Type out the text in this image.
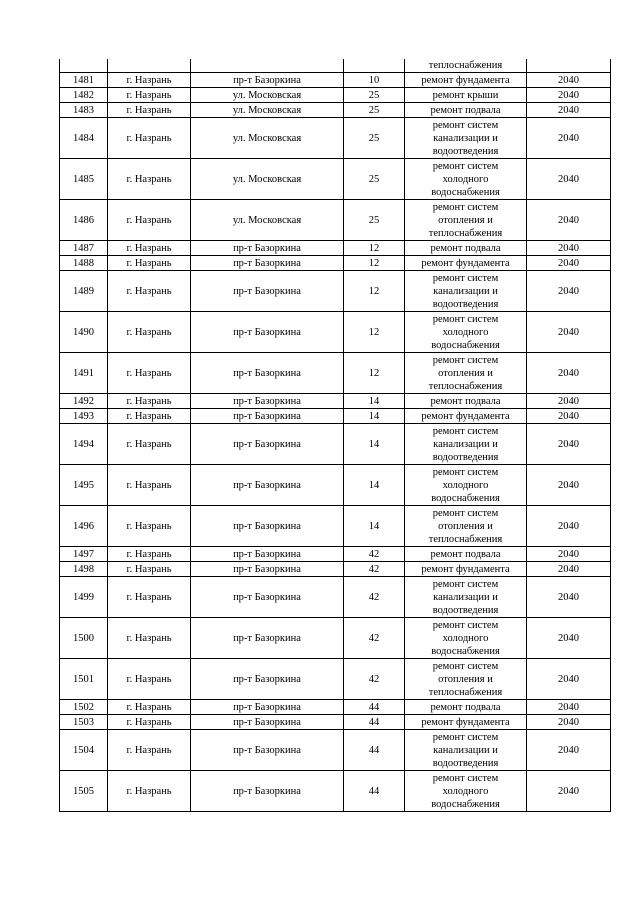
				теплоснабжения	

1481	г. Назрань	пр-т Базоркина	10	ремонт фундамента	2040
1482	г. Назрань	ул. Московская	25	ремонт крыши	2040
1483	г. Назрань	ул. Московская	25	ремонт подвала	2040
1484	г. Назрань	ул. Московская	25	ремонт систем
канализации и
водоотведения	2040
1485	г. Назрань	ул. Московская	25	ремонт систем
холодного
водоснабжения	2040
1486	г. Назрань	ул. Московская	25	ремонт систем
отопления и
теплоснабжения	2040
1487	г. Назрань	пр-т Базоркина	12	ремонт подвала	2040
1488	г. Назрань	пр-т Базоркина	12	ремонт фундамента	2040
1489	г. Назрань	пр-т Базоркина	12	ремонт систем
канализации и
водоотведения	2040
1490	г. Назрань	пр-т Базоркина	12	ремонт систем
холодного
водоснабжения	2040
1491	г. Назрань	пр-т Базоркина	12	ремонт систем
отопления и
теплоснабжения	2040
1492	г. Назрань	пр-т Базоркина	14	ремонт подвала	2040
1493	г. Назрань	пр-т Базоркина	14	ремонт фундамента	2040
1494	г. Назрань	пр-т Базоркина	14	ремонт систем
канализации и
водоотведения	2040
1495	г. Назрань	пр-т Базоркина	14	ремонт систем
холодного
водоснабжения	2040
1496	г. Назрань	пр-т Базоркина	14	ремонт систем
отопления и
теплоснабжения	2040
1497	г. Назрань	пр-т Базоркина	42	ремонт подвала	2040
1498	г. Назрань	пр-т Базоркина	42	ремонт фундамента	2040
1499	г. Назрань	пр-т Базоркина	42	ремонт систем
канализации и
водоотведения	2040
1500	г. Назрань	пр-т Базоркина	42	ремонт систем
холодного
водоснабжения	2040
1501	г. Назрань	пр-т Базоркина	42	ремонт систем
отопления и
теплоснабжения	2040
1502	г. Назрань	пр-т Базоркина	44	ремонт подвала	2040
1503	г. Назрань	пр-т Базоркина	44	ремонт фундамента	2040
1504	г. Назрань	пр-т Базоркина	44	ремонт систем
канализации и
водоотведения	2040
1505	г. Назрань	пр-т Базоркина	44	ремонт систем
холодного
водоснабжения	2040
